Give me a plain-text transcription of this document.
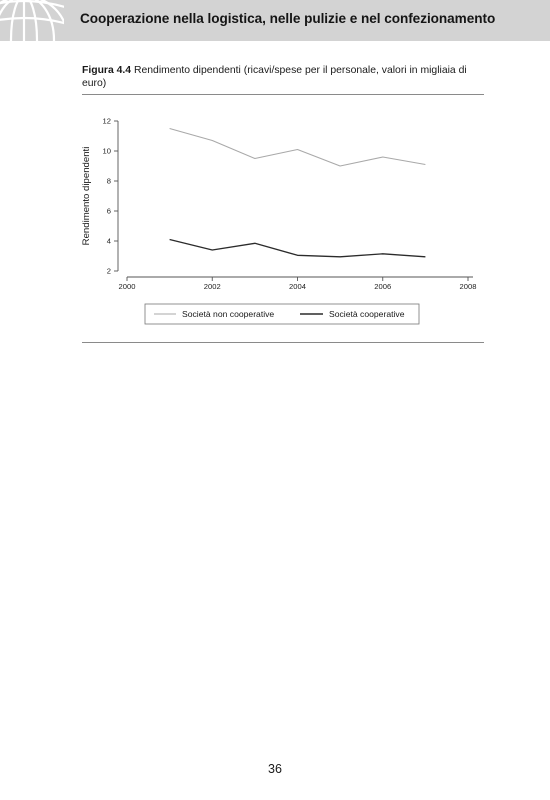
Cooperazione nella logistica, nelle pulizie e nel confezionamento
Figura 4.4 Rendimento dipendenti (ricavi/spese per il personale, valori in migliaia di euro)
2
4
6
8
10
12
2000	2002	2004	2006	2008
Rendimento dipendenti
Società non cooperative	Società cooperative
36
